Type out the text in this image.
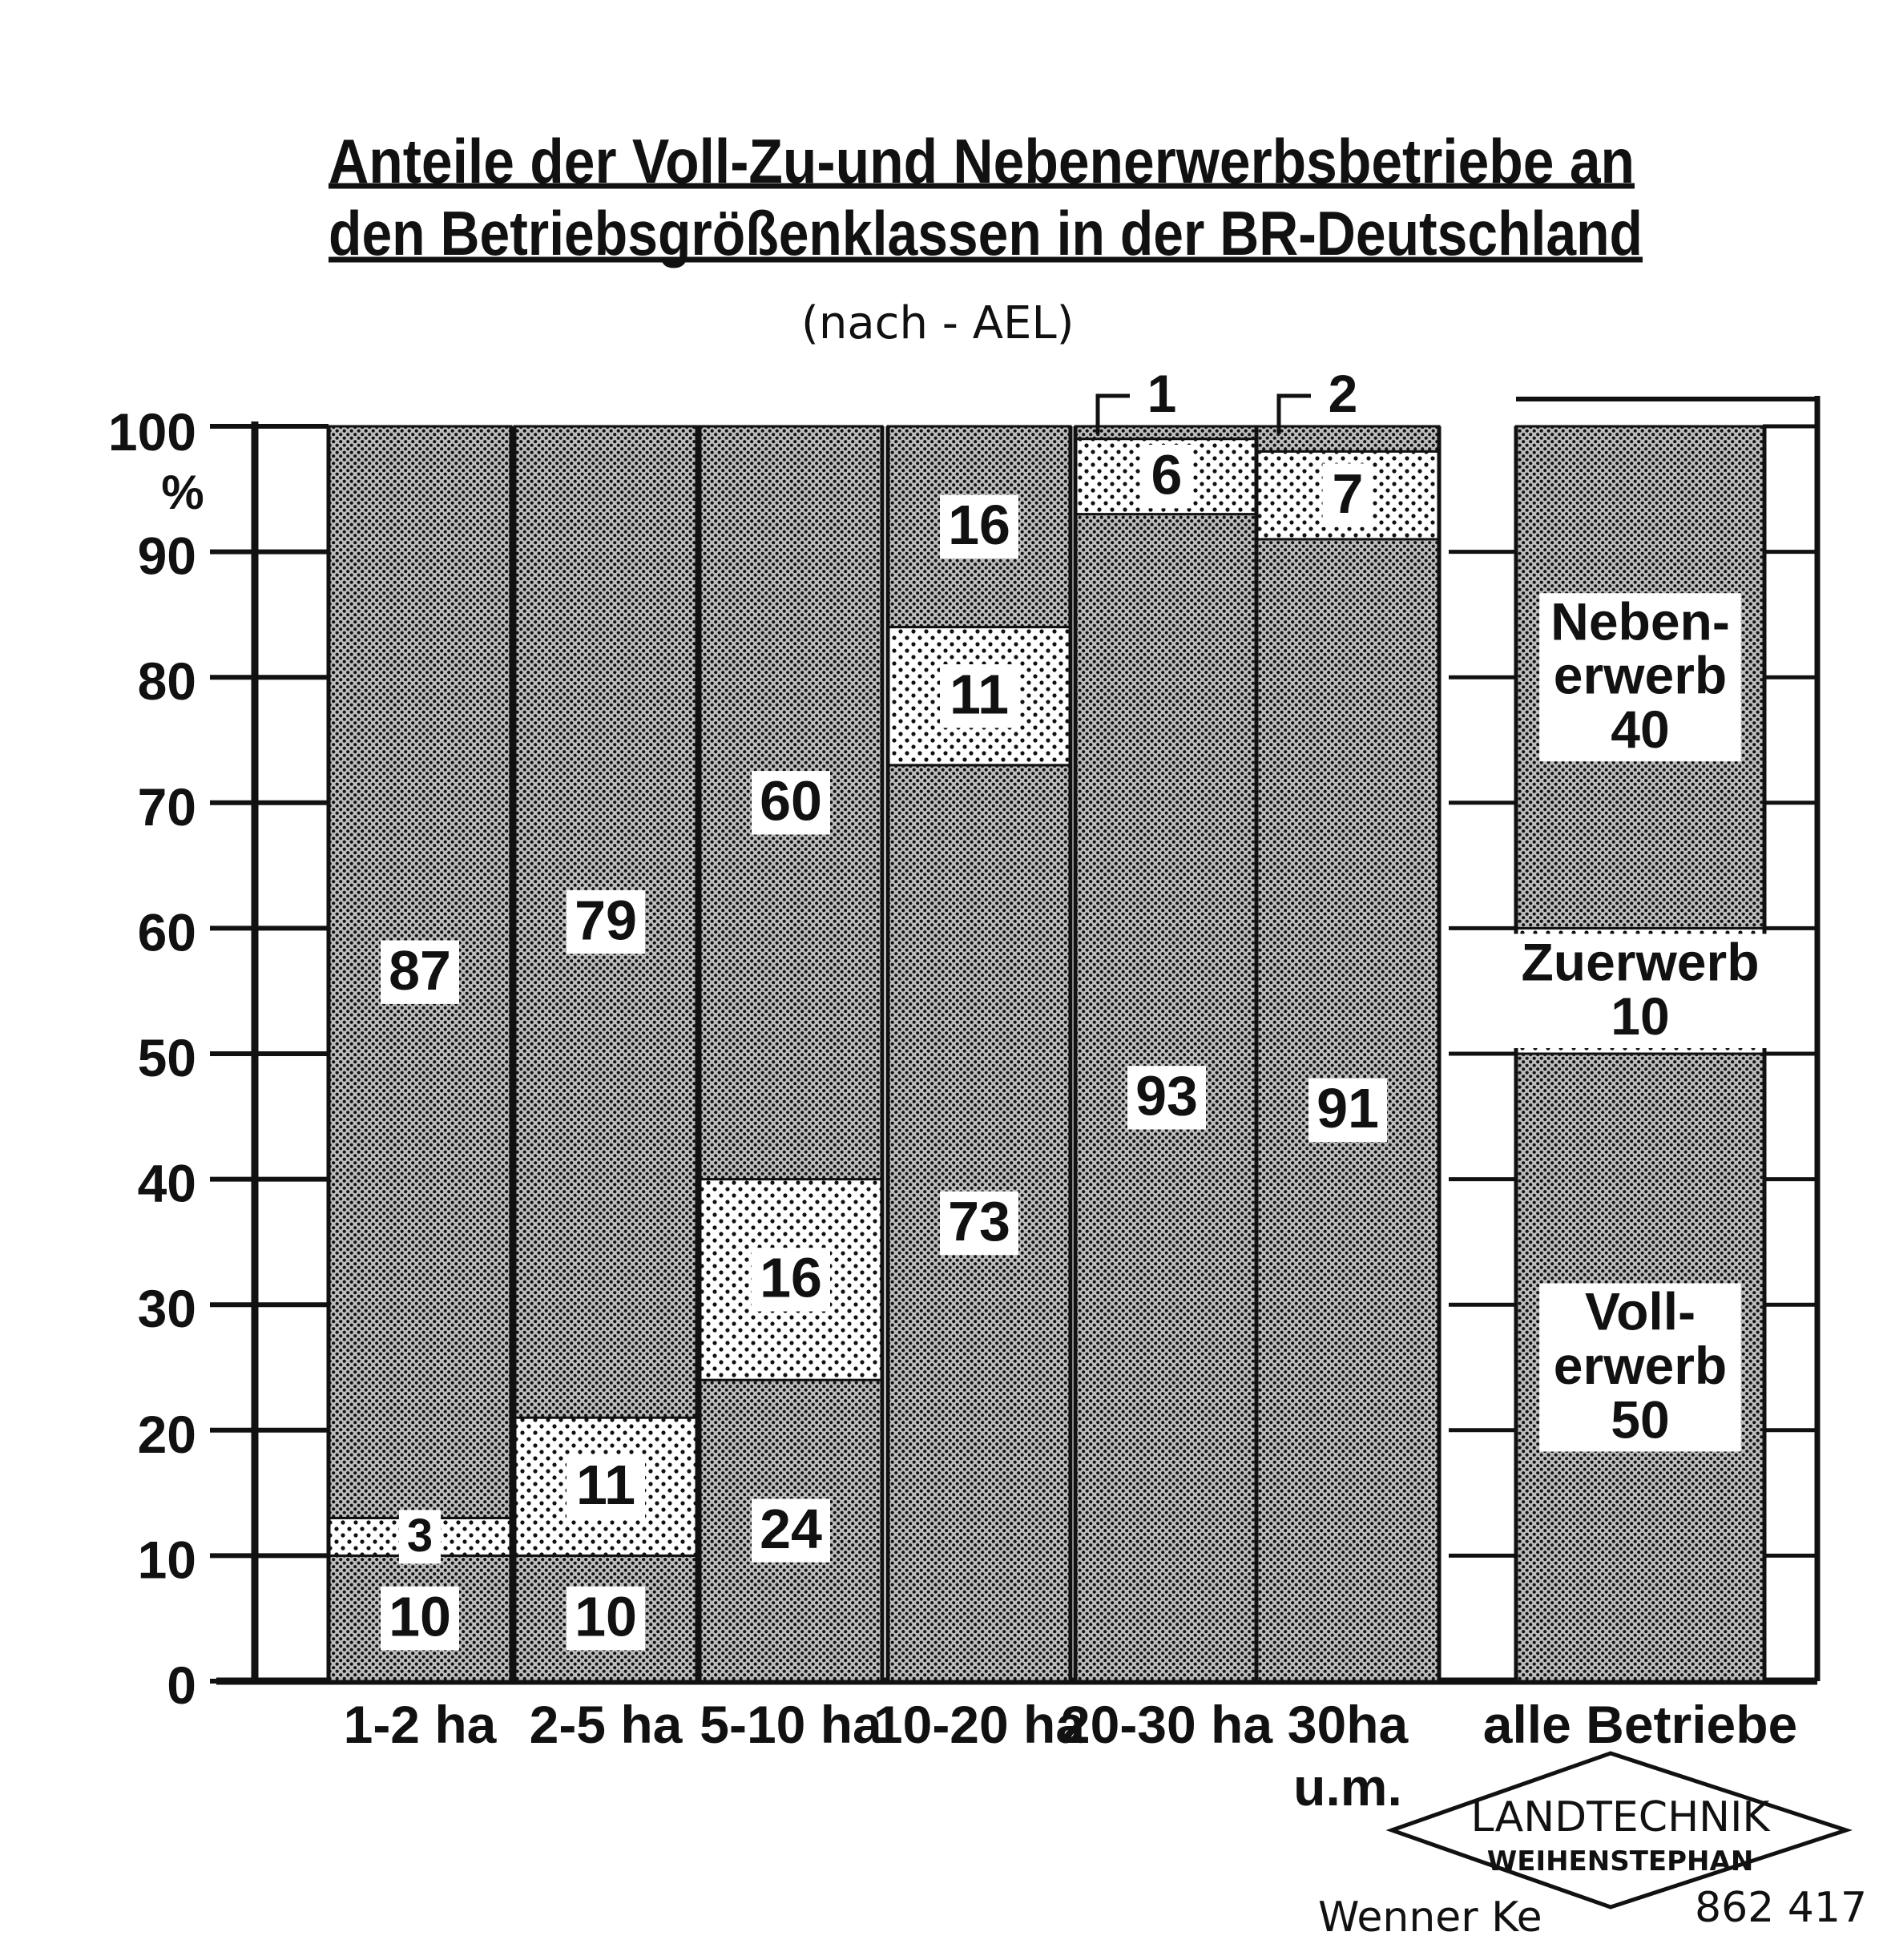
Anteile der Voll-Zu-und Nebenerwerbsbetriebe an
den Betriebsgrößenklassen in der BR-Deutschland
(nach - AEL)
0
10
20
30
40
50
60
70
80
90
100
%
10
3
87
10
11
79
24
16
60
73
11
16
93
6
1
91
7
2
Voll-
erwerb
50
Zuerwerb
10
Neben-
erwerb
40
1-2 ha 2-5 ha 5-10 ha
10-20 ha
20-30 ha 30ha
u.m.
alle Betriebe
LANDTECHNIK
WEIHENSTEPHAN
Wenner Ke	862 417
